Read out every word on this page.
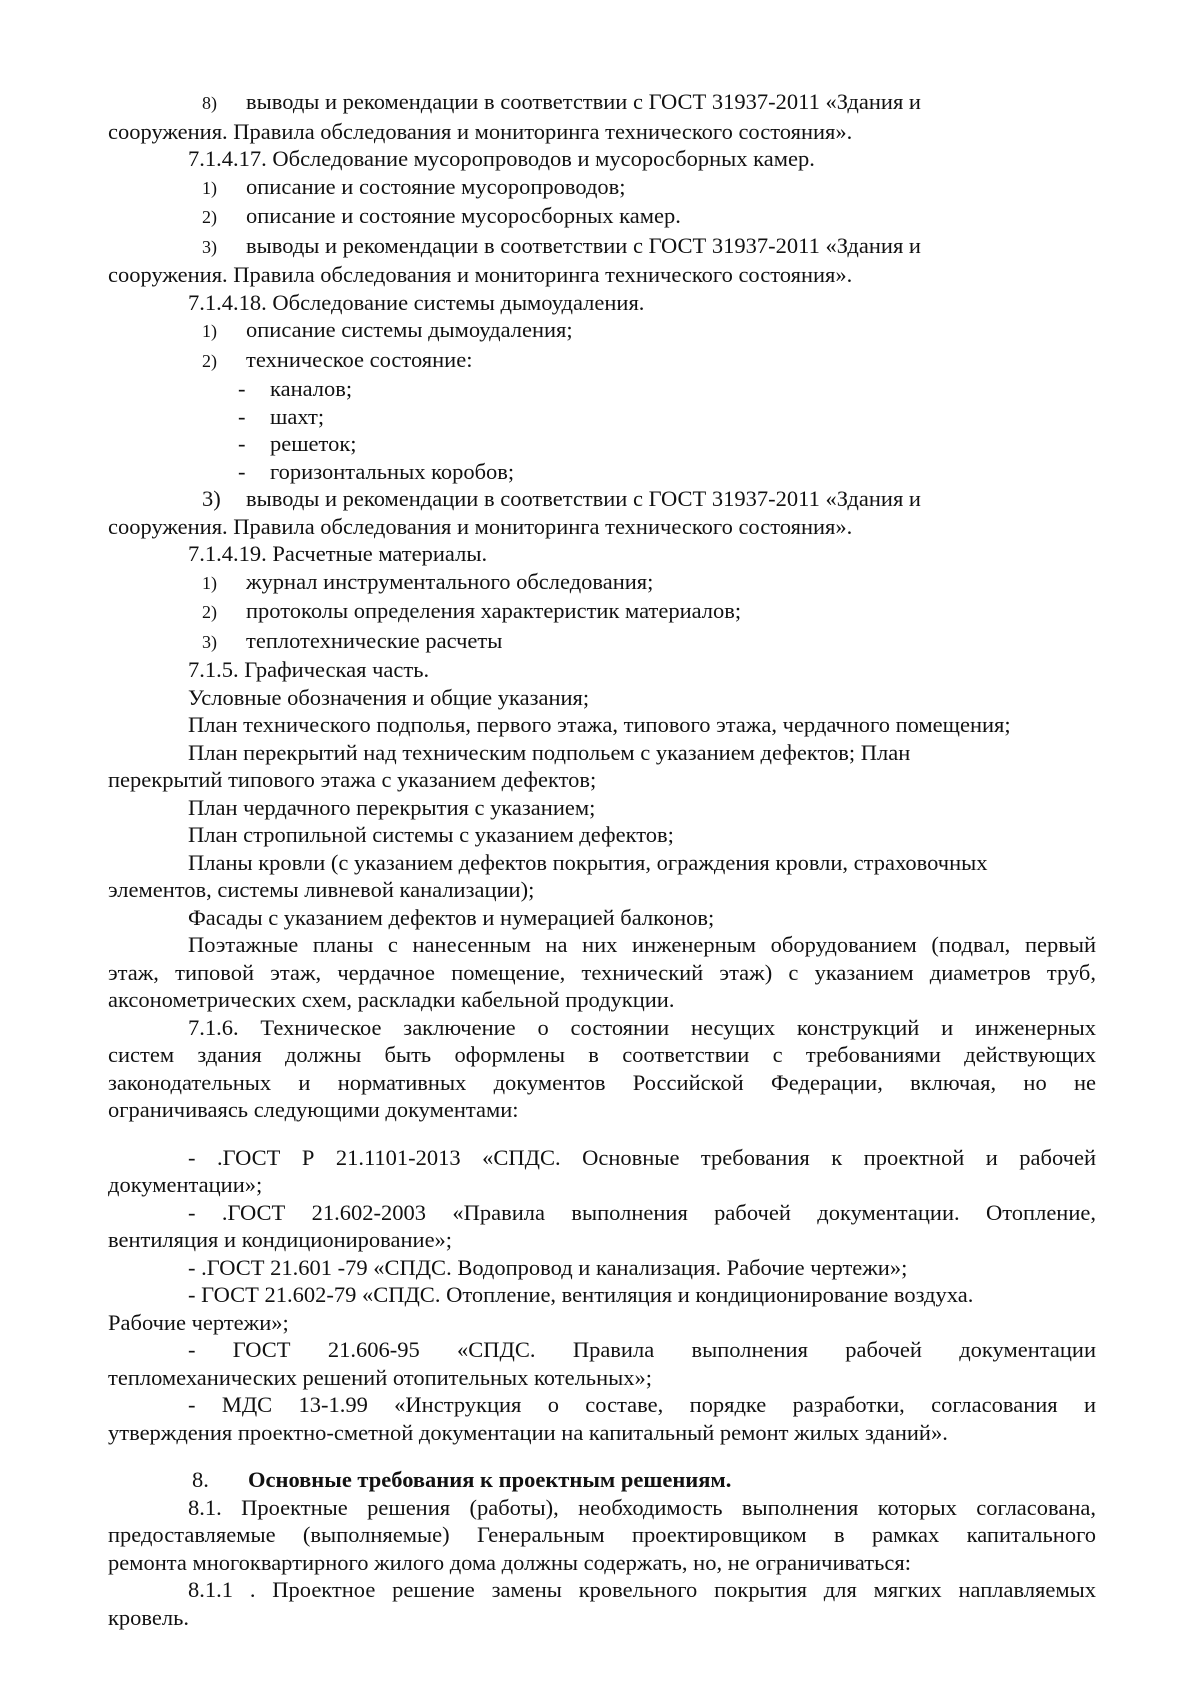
8) выводы и рекомендации в соответствии с ГОСТ 31937-2011 «Здания и
сооружения. Правила обследования и мониторинга технического состояния».
7.1.4.17. Обследование мусоропроводов и мусоросборных камер.
1) описание и состояние мусоропроводов;
2) описание и состояние мусоросборных камер.
3) выводы и рекомендации в соответствии с ГОСТ 31937-2011 «Здания и
сооружения. Правила обследования и мониторинга технического состояния».
7.1.4.18. Обследование системы дымоудаления.
1) описание системы дымоудаления;
2) техническое состояние:
- каналов;
- шахт;
- решеток;
- горизонтальных коробов;
3) выводы и рекомендации в соответствии с ГОСТ 31937-2011 «Здания и
сооружения. Правила обследования и мониторинга технического состояния».
7.1.4.19. Расчетные материалы.
1) журнал инструментального обследования;
2) протоколы определения характеристик материалов;
3) теплотехнические расчеты
7.1.5. Графическая часть.
Условные обозначения и общие указания;
План технического подполья, первого этажа, типового этажа, чердачного помещения;
План перекрытий над техническим подпольем с указанием дефектов; План
перекрытий типового этажа с указанием дефектов;
План чердачного перекрытия с указанием;
План стропильной системы с указанием дефектов;
Планы кровли (с указанием дефектов покрытия, ограждения кровли, страховочных
элементов, системы ливневой канализации);
Фасады с указанием дефектов и нумерацией балконов;
Поэтажные планы с нанесенным на них инженерным оборудованием (подвал, первый
этаж, типовой этаж, чердачное помещение, технический этаж) с указанием диаметров труб,
аксонометрических схем, раскладки кабельной продукции.
7.1.6. Техническое заключение о состоянии несущих конструкций и инженерных
систем здания должны быть оформлены в соответствии с требованиями действующих
законодательных и нормативных документов Российской Федерации, включая, но не
ограничиваясь следующими документами:
- .ГОСТ Р 21.1101-2013 «СПДС. Основные требования к проектной и рабочей
документации»;
- .ГОСТ 21.602-2003 «Правила выполнения рабочей документации. Отопление,
вентиляция и кондиционирование»;
- .ГОСТ 21.601 -79 «СПДС. Водопровод и канализация. Рабочие чертежи»;
- ГОСТ 21.602-79 «СПДС. Отопление, вентиляция и кондиционирование воздуха.
Рабочие чертежи»;
- ГОСТ 21.606-95 «СПДС. Правила выполнения рабочей документации
тепломеханических решений отопительных котельных»;
- МДС 13-1.99 «Инструкция о составе, порядке разработки, согласования и
утверждения проектно-сметной документации на капитальный ремонт жилых зданий».
8. Основные требования к проектным решениям.
8.1. Проектные решения (работы), необходимость выполнения которых согласована,
предоставляемые (выполняемые) Генеральным проектировщиком в рамках капитального
ремонта многоквартирного жилого дома должны содержать, но, не ограничиваться:
8.1.1 . Проектное решение замены кровельного покрытия для мягких наплавляемых
кровель.
